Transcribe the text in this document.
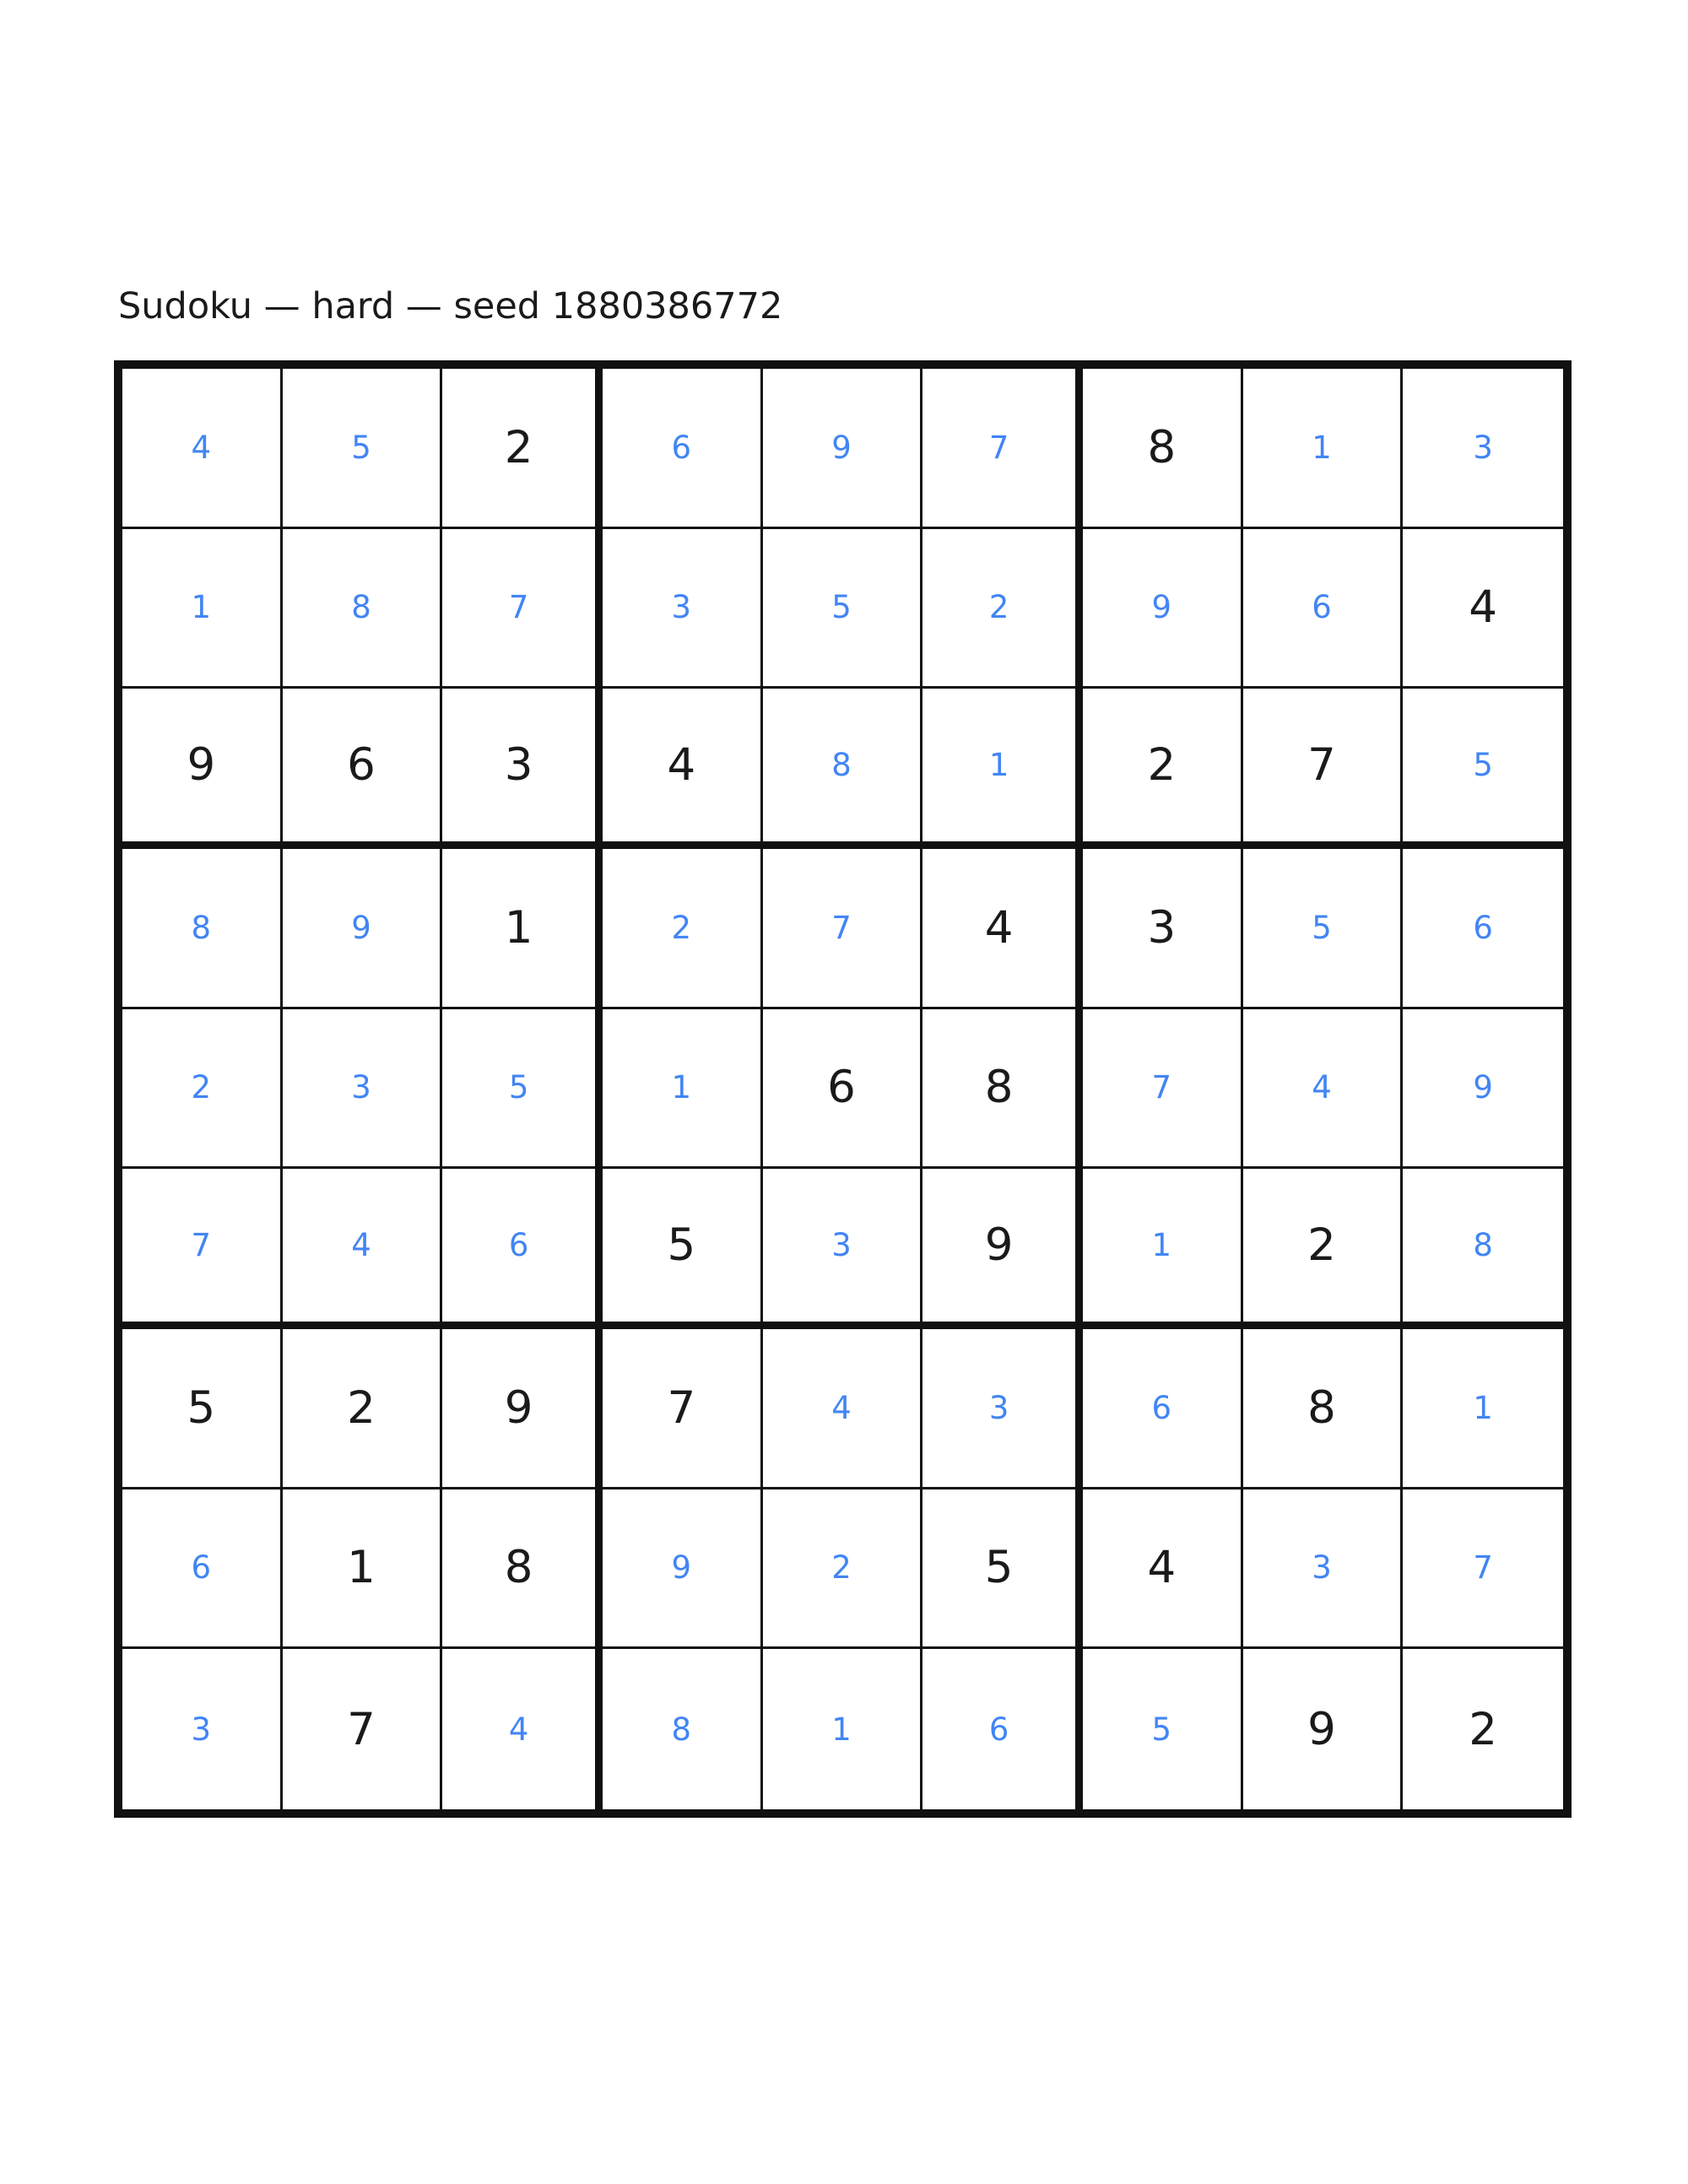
Sudoku — hard — seed 1880386772
4	5	2	6	9	7	8	1	3
1	8	7	3	5	2	9	6	4
9	6	3	4	8	1	2	7	5
8	9	1	2	7	4	3	5	6
2	3	5	1	6	8	7	4	9
7	4	6	5	3	9	1	2	8
5	2	9	7	4	3	6	8	1
6	1	8	9	2	5	4	3	7
3	7	4	8	1	6	5	9	2
